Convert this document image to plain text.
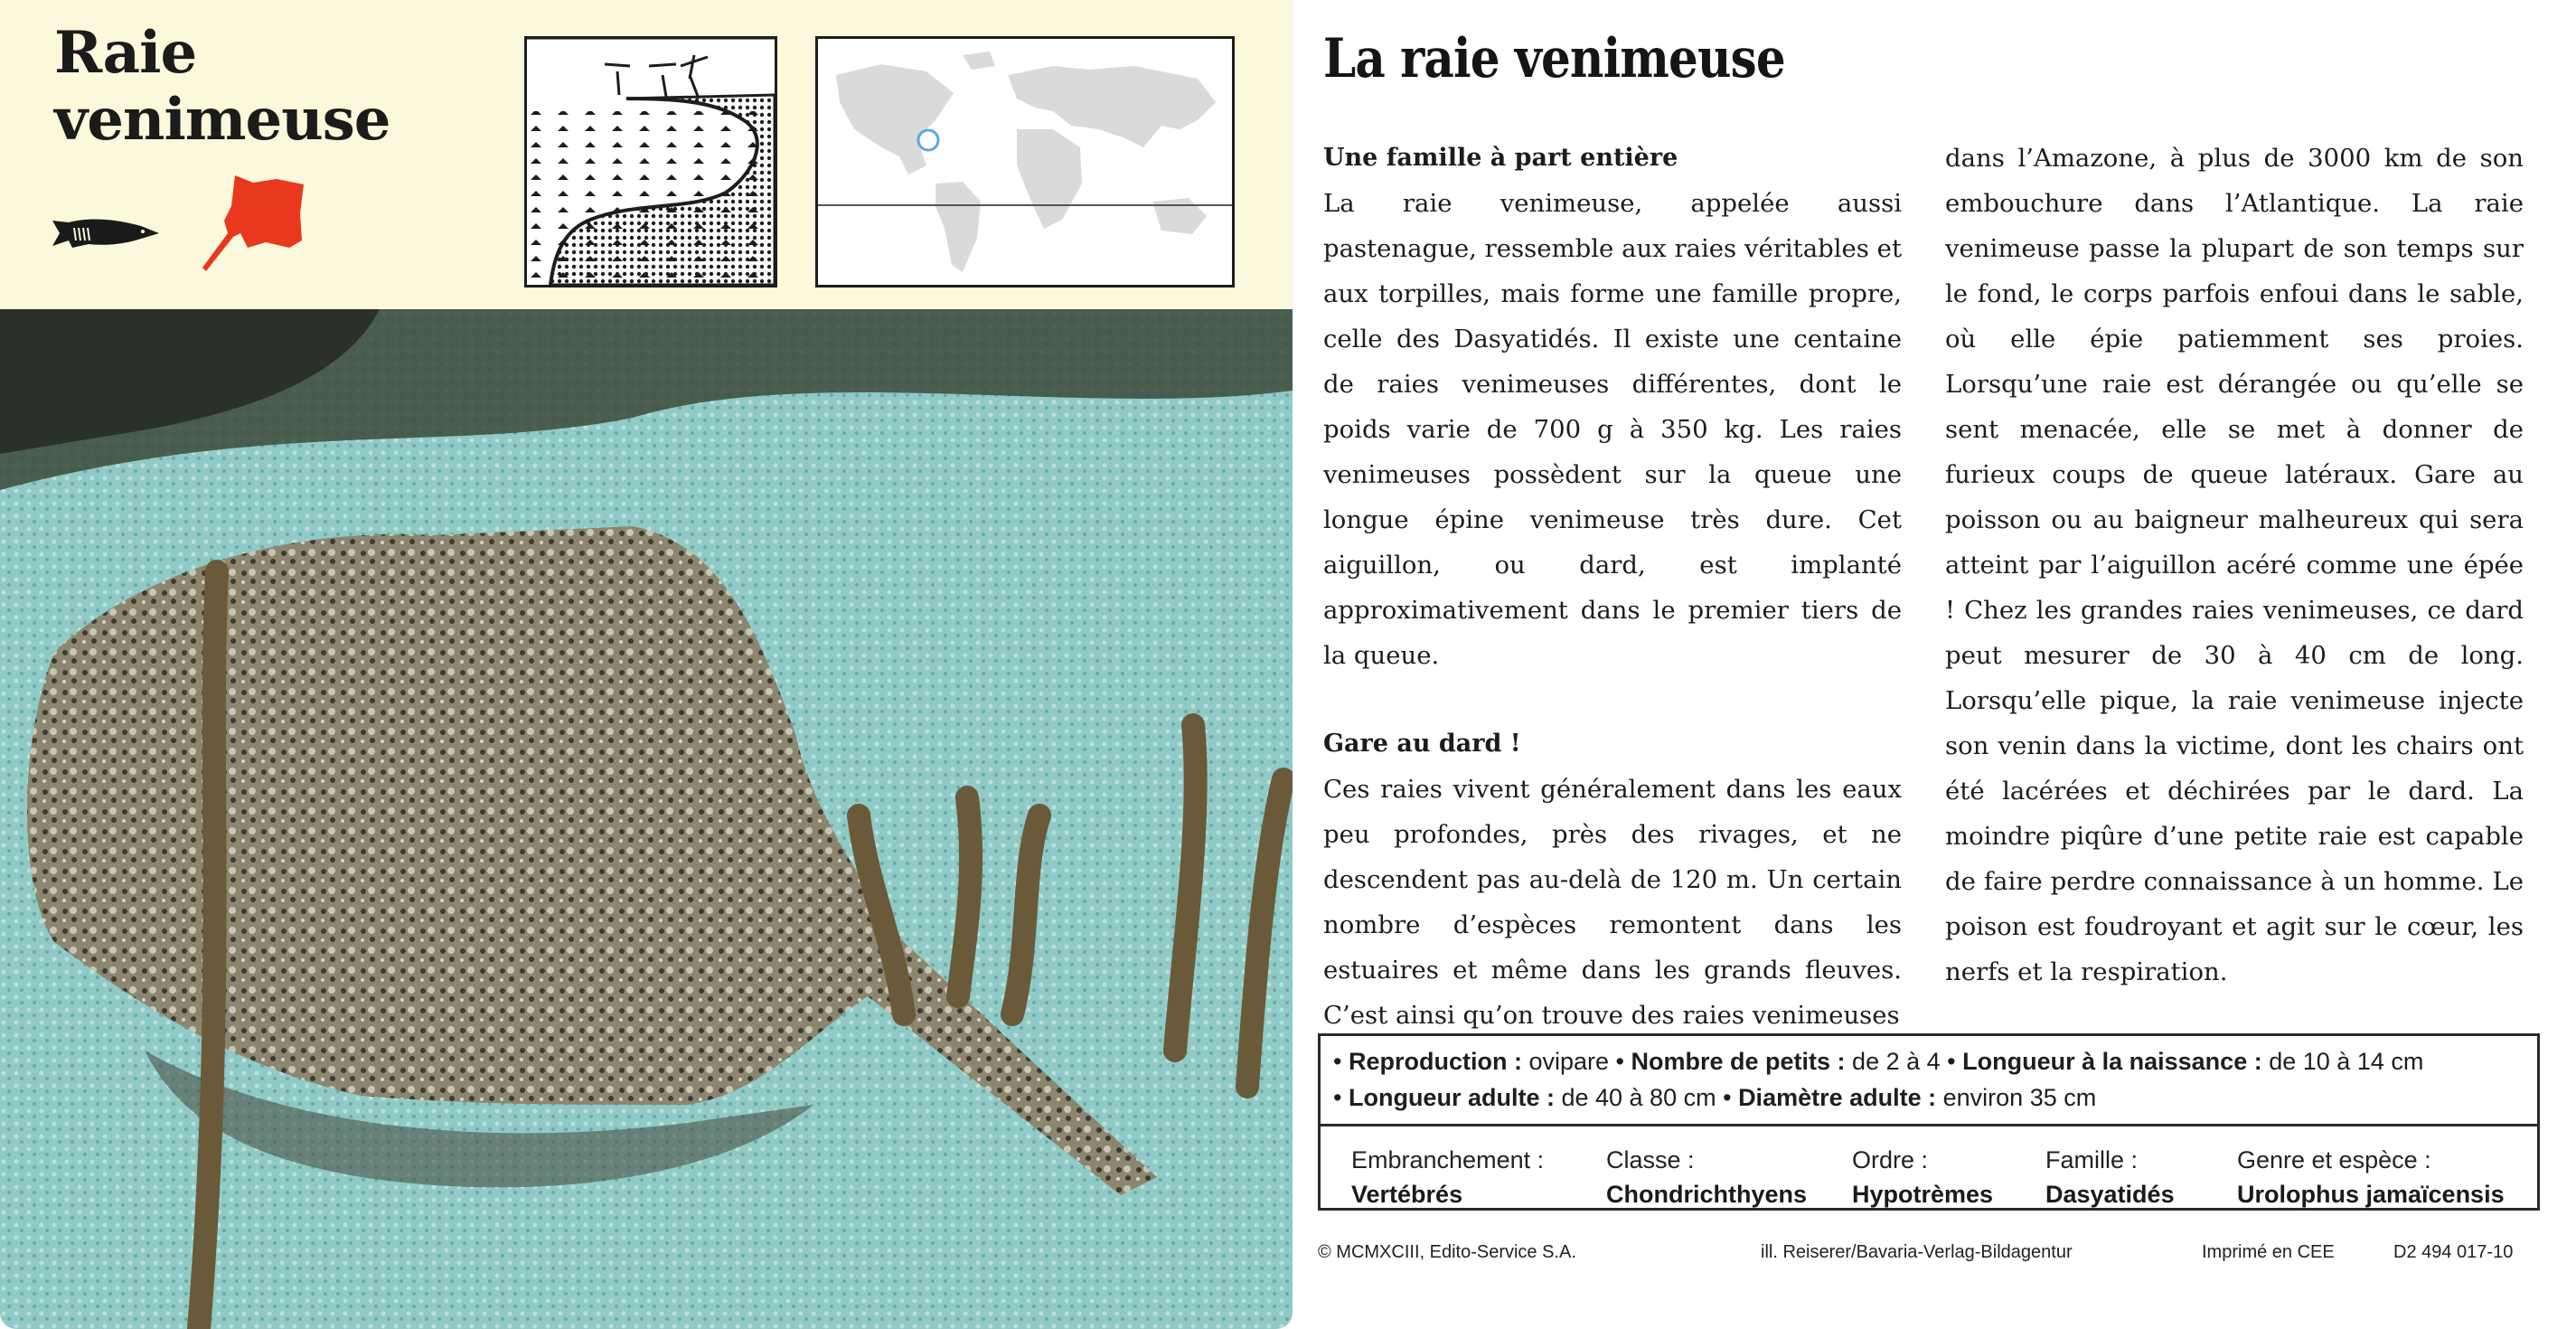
Raie
venimeuse
La raie venimeuse
Une famille à part entière
La raie venimeuse, appelée aussi pastenague, ressemble aux raies véritables et aux torpilles, mais forme une famille propre, celle des Dasyatidés. Il existe une centaine de raies venimeuses différentes, dont le poids varie de 700 g à 350 kg. Les raies venimeuses possèdent sur la queue une longue épine venimeuse très dure. Cet aiguillon, ou dard, est implanté approximativement dans le premier tiers de la queue.
Gare au dard !
Ces raies vivent généralement dans les eaux peu profondes, près des rivages, et ne descendent pas au-delà de 120 m. Un certain nombre d’espèces remontent dans les estuaires et même dans les grands fleuves. C’est ainsi qu’on trouve des raies venimeuses
dans l’Amazone, à plus de 3000 km de son embouchure dans l’Atlantique. La raie venimeuse passe la plupart de son temps sur le fond, le corps parfois enfoui dans le sable, où elle épie patiemment ses proies. Lorsqu’une raie est dérangée ou qu’elle se sent menacée, elle se met à donner de furieux coups de queue latéraux. Gare au poisson ou au baigneur malheureux qui sera atteint par l’aiguillon acéré comme une épée ! Chez les grandes raies venimeuses, ce dard peut mesurer de 30 à 40 cm de long. Lorsqu’elle pique, la raie venimeuse injecte son venin dans la victime, dont les chairs ont été lacérées et déchirées par le dard. La moindre piqûre d’une petite raie est capable de faire perdre connaissance à un homme. Le poison est foudroyant et agit sur le cœur, les nerfs et la respiration.
• Reproduction : ovipare • Nombre de petits : de 2 à 4 • Longueur à la naissance : de 10 à 14 cm
• Longueur adulte : de 40 à 80 cm • Diamètre adulte : environ 35 cm
Embranchement :
Vertébrés
Classe :
Chondrichthyens
Ordre :
Hypotrèmes
Famille :
Dasyatidés
Genre et espèce :
Urolophus jamaïcensis
© MCMXCIII, Edito-Service S.A.	ill. Reiserer/Bavaria-Verlag-Bildagentur	Imprimé en CEE	D2 494 017-10
